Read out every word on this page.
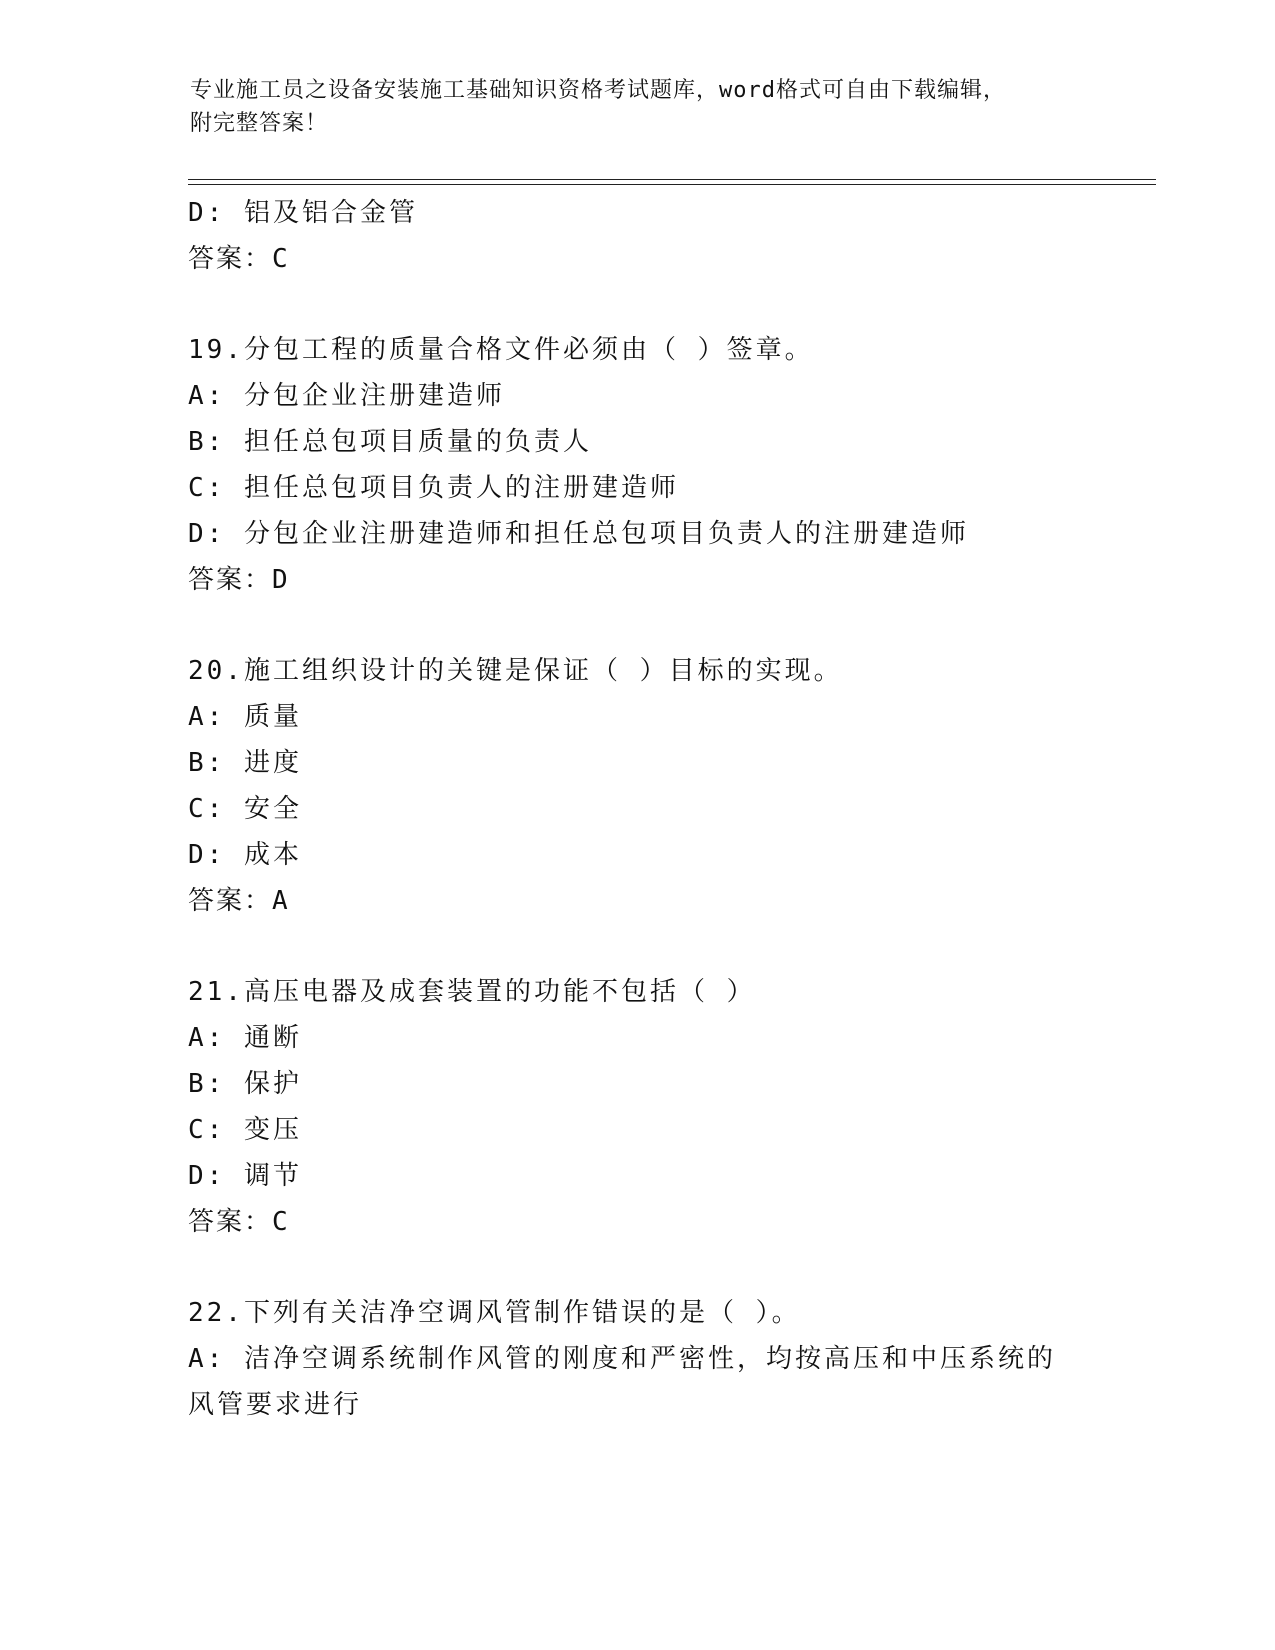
专业施工员之设备安装施工基础知识资格考试题库，word格式可自由下载编辑，
附完整答案！
D: 铝及铝合金管
答案：C
19.分包工程的质量合格文件必须由（ ）签章。
A: 分包企业注册建造师
B: 担任总包项目质量的负责人
C: 担任总包项目负责人的注册建造师
D: 分包企业注册建造师和担任总包项目负责人的注册建造师
答案：D
20.施工组织设计的关键是保证（ ）目标的实现。
A: 质量
B: 进度
C: 安全
D: 成本
答案：A
21.高压电器及成套装置的功能不包括（ ）
A: 通断
B: 保护
C: 变压
D: 调节
答案：C
22.下列有关洁净空调风管制作错误的是（ ）。
A: 洁净空调系统制作风管的刚度和严密性，均按高压和中压系统的风管要求进行
